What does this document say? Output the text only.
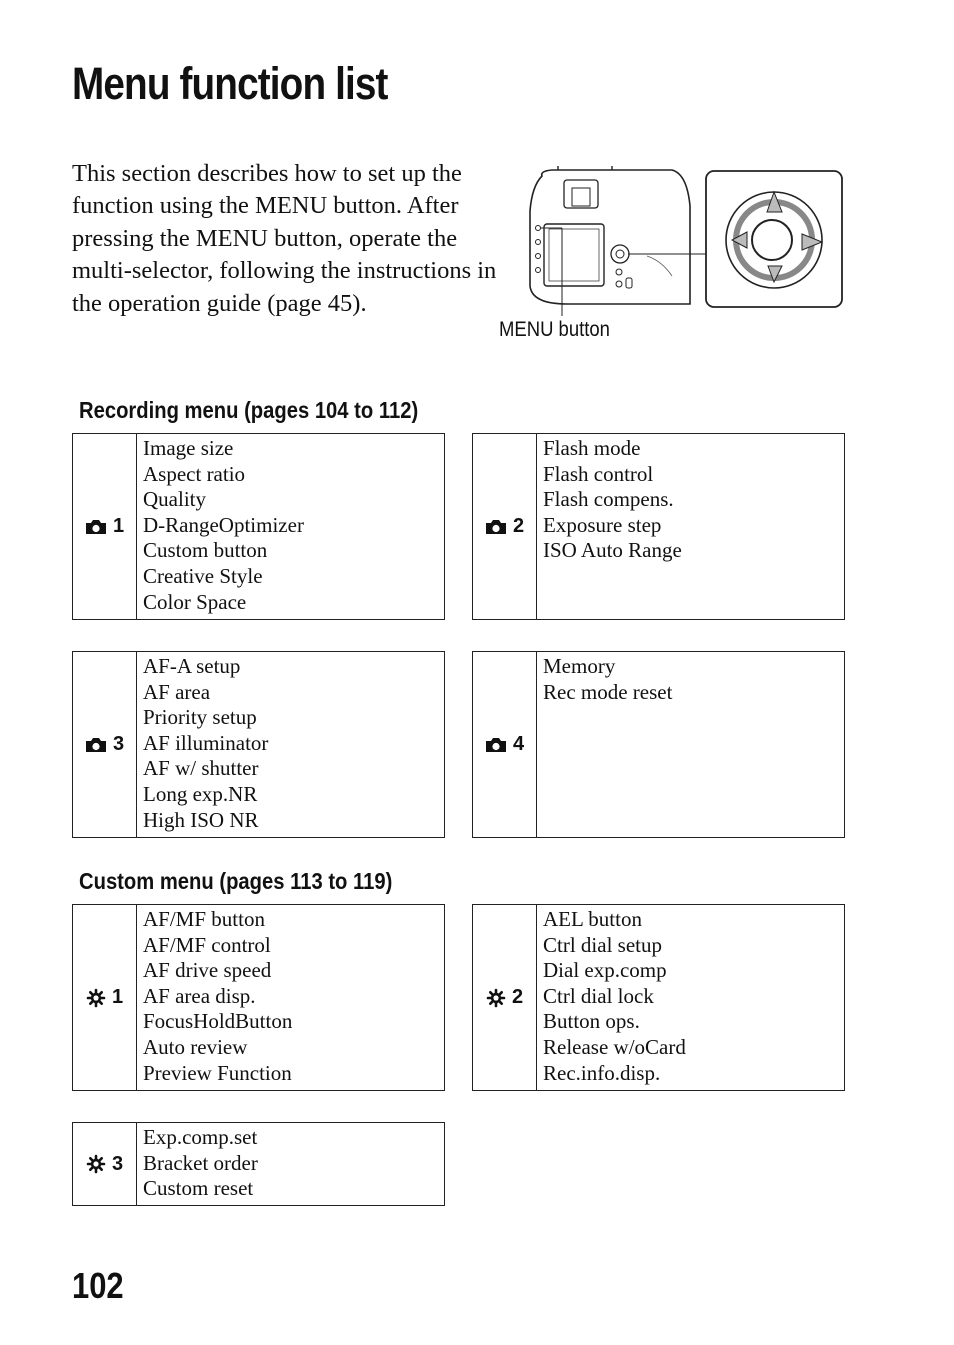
Menu function list

This section describes how to set up the function using the MENU button. After pressing the MENU button, operate the multi-selector, following the instructions in the operation guide (page 45).

MENU button
Recording menu (pages 104 to 112)
1
Image size
Aspect ratio
Quality
D-RangeOptimizer
Custom button
Creative Style
Color Space
2
Flash mode
Flash control
Flash compens.
Exposure step
ISO Auto Range
3
AF-A setup
AF area
Priority setup
AF illuminator
AF w/ shutter
Long exp.NR
High ISO NR
4
Memory
Rec mode reset
Custom menu (pages 113 to 119)
1
AF/MF button
AF/MF control
AF drive speed
AF area disp.
FocusHoldButton
Auto review
Preview Function
2
AEL button
Ctrl dial setup
Dial exp.comp
Ctrl dial lock
Button ops.
Release w/oCard
Rec.info.disp.
3
Exp.comp.set
Bracket order
Custom reset
102
